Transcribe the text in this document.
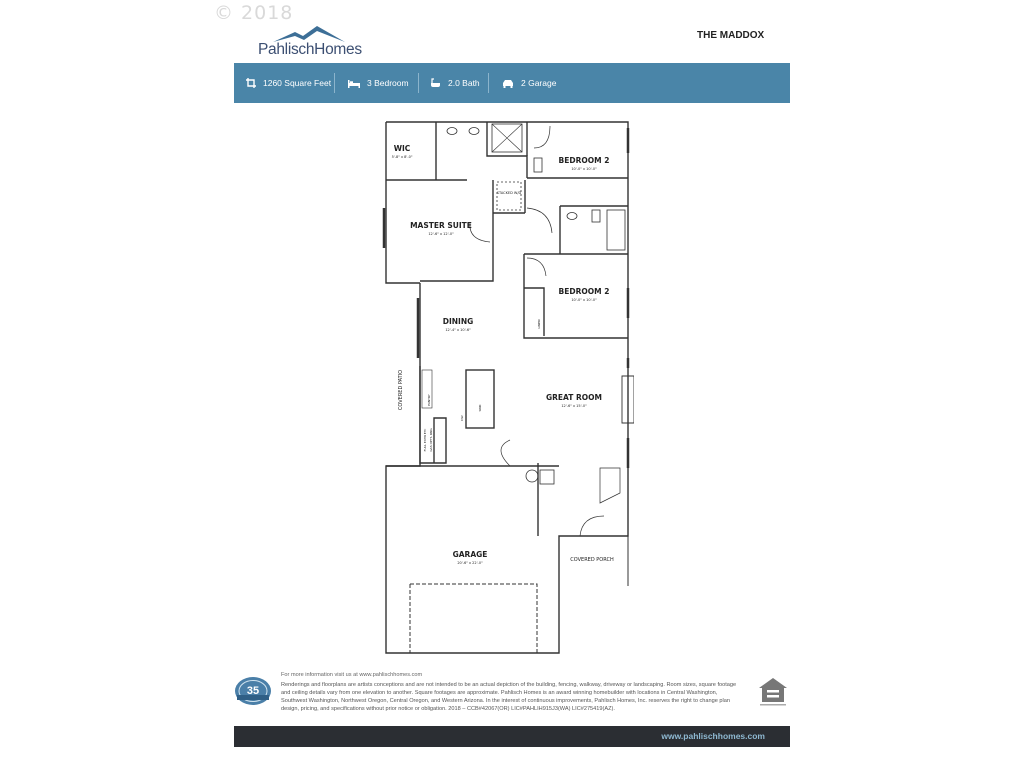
© 2018
PahlischHomes
THE MADDOX
1260 Square Feet	3 Bedroom	2.0 Bath	2 Garage
WIC
5'-8" x 8'-0"
MASTER SUITE
12'-6" x 12'-0"
BEDROOM 2
10'-0" x 10'-0"
BEDROOM 2
10'-0" x 10'-0"
DINING
12'-4" x 10'-6"
GREAT ROOM
12'-6" x 15'-0"
GARAGE
20'-6" x 22'-0"	COVERED PORCH
STACKED W/D
COVERED PATIO
LINEN
PANTRY
DW
SINK
FULL EXTN ETC GAS OPT'L RNG
35
For more information visit us at www.pahlischhomes.com
Renderings and floorplans are artists conceptions and are not intended to be an actual depiction of the building, fencing, walkway, driveway or landscaping. Room sizes, square footage and ceiling details vary from one elevation to another. Square footages are approximate. Pahlisch Homes is an award winning homebuilder with locations in Central Washington, Southwest Washington, Northwest Oregon, Central Oregon, and Western Arizona. In the interest of continuous improvements, Pahlisch Homes, Inc. reserves the right to change plan design, pricing, and specifications without prior notice or obligation. 2018 – CCB#42067(OR) LIC#PAHLIH915J3(WA) LIC#275419(AZ).
www.pahlischhomes.com
